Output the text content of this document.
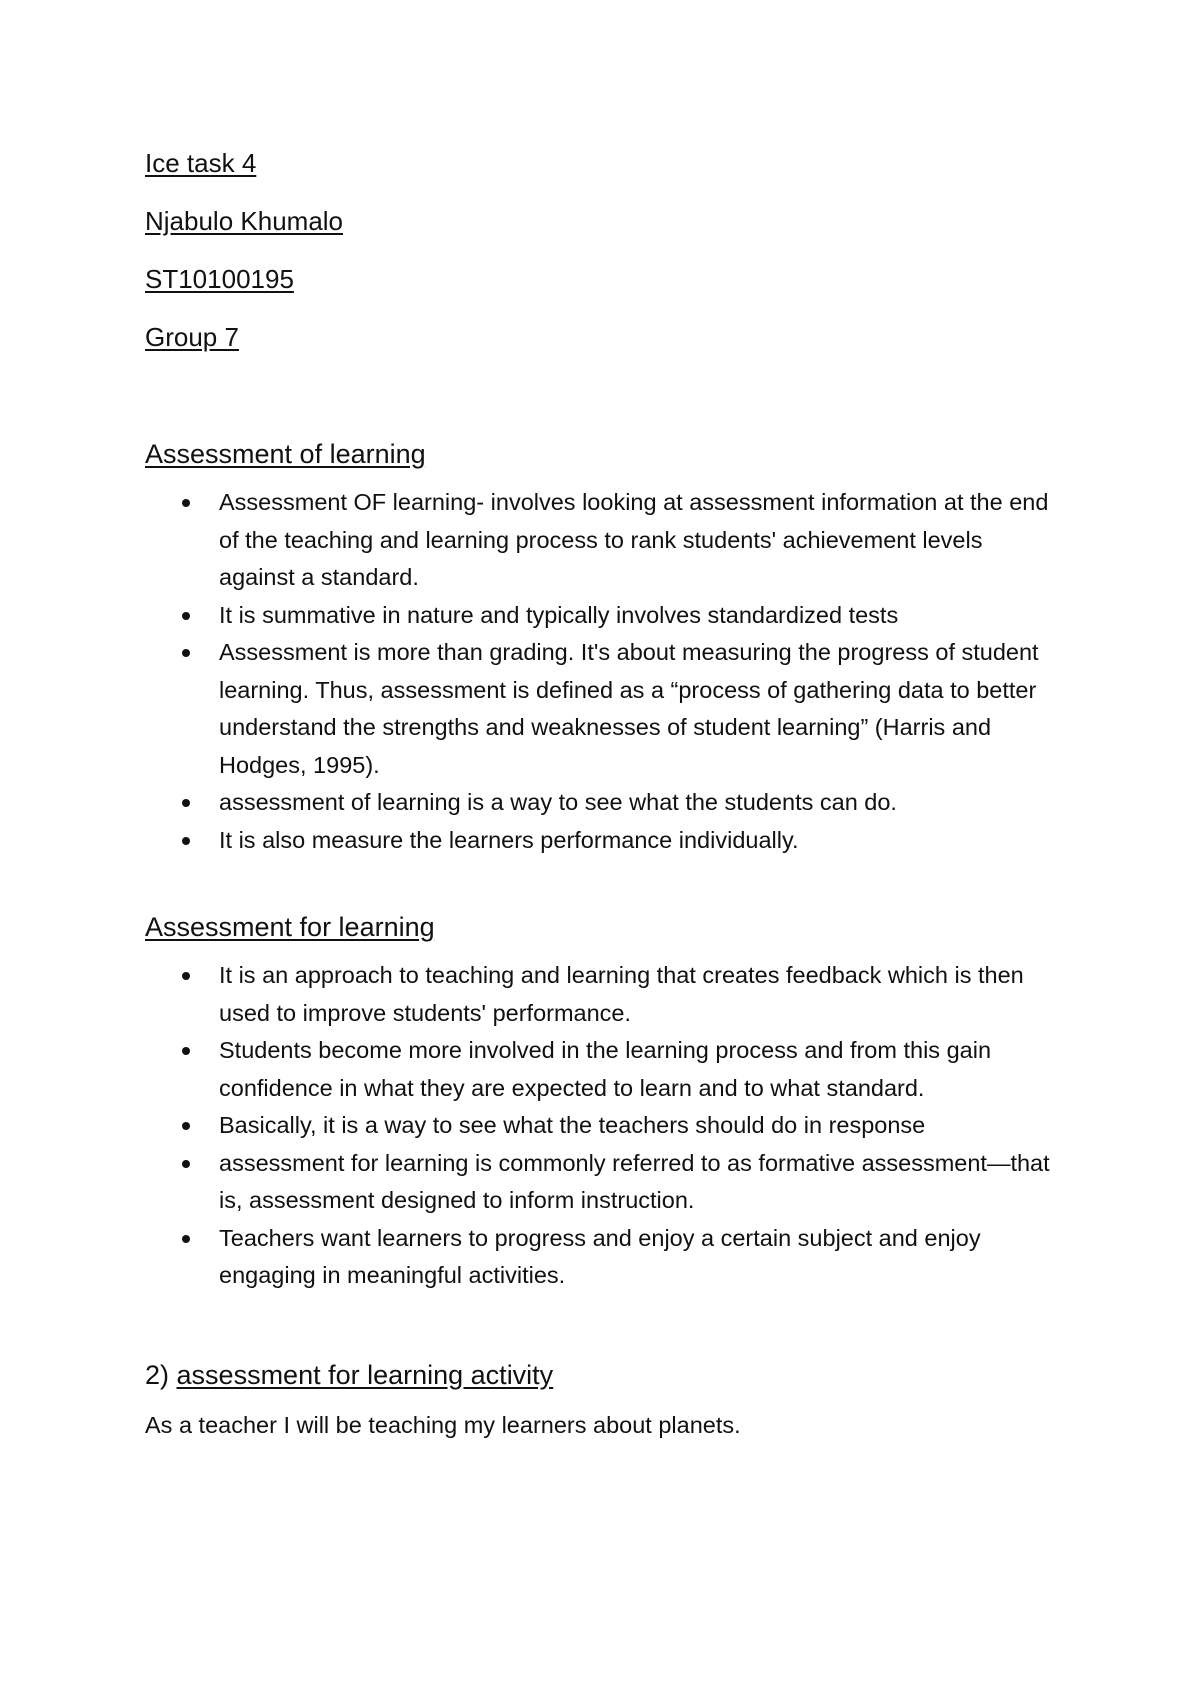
Ice task 4
Njabulo Khumalo
ST10100195
Group 7
Assessment of learning
Assessment OF learning- involves looking at assessment information at the end of the teaching and learning process to rank students' achievement levels against a standard.
It is summative in nature and typically involves standardized tests
Assessment is more than grading. It's about measuring the progress of student learning. Thus, assessment is defined as a “process of gathering data to better understand the strengths and weaknesses of student learning” (Harris and Hodges, 1995).
assessment of learning is a way to see what the students can do.
It is also measure the learners performance individually.
Assessment for learning
It is an approach to teaching and learning that creates feedback which is then used to improve students' performance.
Students become more involved in the learning process and from this gain confidence in what they are expected to learn and to what standard.
Basically, it is a way to see what the teachers should do in response
assessment for learning is commonly referred to as formative assessment—that is, assessment designed to inform instruction.
Teachers want learners to progress and enjoy a certain subject and enjoy engaging in meaningful activities.
2) assessment for learning activity

As a teacher I will be teaching my learners about planets.
